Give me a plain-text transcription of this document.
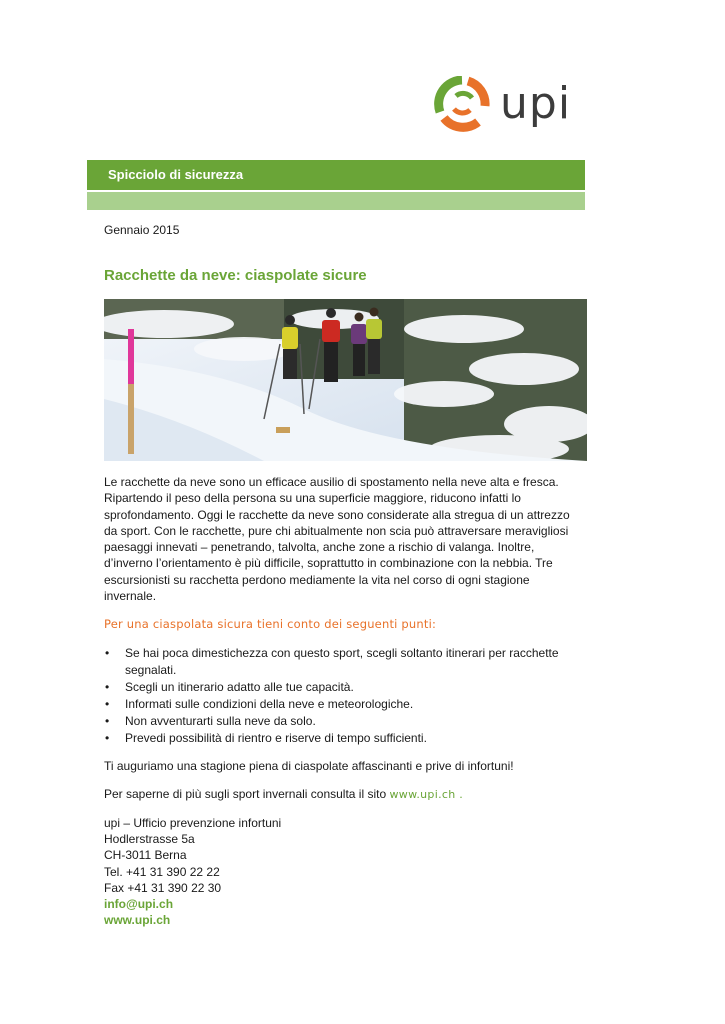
upi
Spicciolo di sicurezza
Gennaio 2015
Racchette da neve: ciaspolate sicure

Le racchette da neve sono un efficace ausilio di spostamento nella neve alta e fresca. Ripartendo il peso della persona su una superficie maggiore, riducono infatti lo sprofondamento. Oggi le racchette da neve sono considerate alla stregua di un attrezzo da sport. Con le racchette, pure chi abitualmente non scia può attraversare meravigliosi paesaggi innevati – penetrando, talvolta, anche zone a rischio di valanga. Inoltre, d’inverno l’orientamento è più difficile, soprattutto in combinazione con la nebbia. Tre escursionisti su racchetta perdono mediamente la vita nel corso di ogni stagione invernale.

Per una ciaspolata sicura tieni conto dei seguenti punti:
• Se hai poca dimestichezza con questo sport, scegli soltanto itinerari per racchette segnalati.
• Scegli un itinerario adatto alle tue capacità.
• Informati sulle condizioni della neve e meteorologiche.
• Non avventurarti sulla neve da solo.
• Prevedi possibilità di rientro e riserve di tempo sufficienti.
Ti auguriamo una stagione piena di ciaspolate affascinanti e prive di infortuni!
Per saperne di più sugli sport invernali consulta il sito www.upi.ch .
upi – Ufficio prevenzione infortuni
Hodlerstrasse 5a
CH-3011 Berna
Tel. +41 31 390 22 22
Fax +41 31 390 22 30
info@upi.ch
www.upi.ch
